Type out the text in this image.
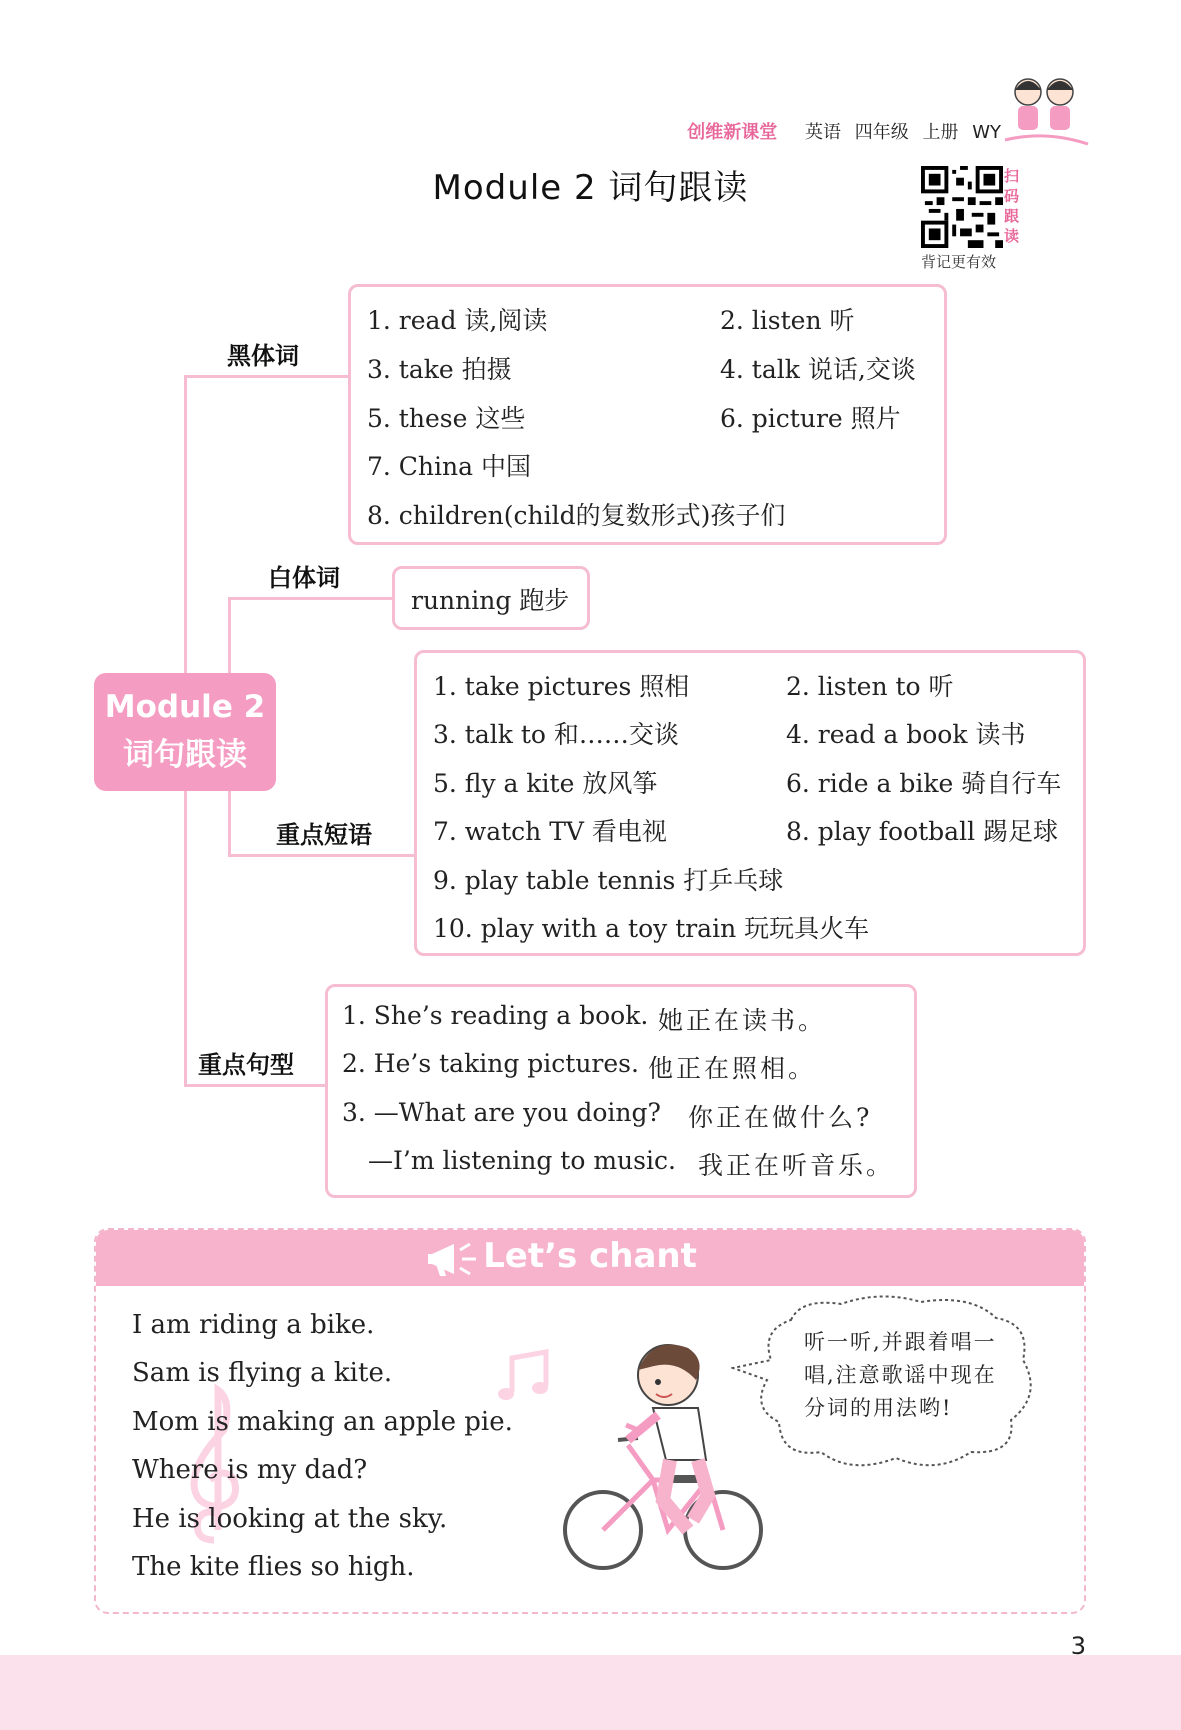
创维新课堂 英语 四年级 上册 WY
Module 2 词句跟读	扫码跟读
背记更有效
Module 2
词句跟读
黑体词
1. read 读,阅读	2. listen 听
3. take 拍摄	4. talk 说话,交谈
5. these 这些	6. picture 照片
7. China 中国
8. children(child的复数形式)孩子们
白体词
running 跑步
重点短语
1. take pictures 照相	2. listen to 听
3. talk to 和……交谈	4. read a book 读书
5. fly a kite 放风筝	6. ride a bike 骑自行车
7. watch TV 看电视	8. play football 踢足球
9. play table tennis 打乒乓球
10. play with a toy train 玩玩具火车
重点句型
1. She’s reading a book. 她正在读书。
2. He’s taking pictures. 他正在照相。
3. —What are you doing? 你正在做什么?
—I’m listening to music. 我正在听音乐。
Let’s chant
I am riding a bike.
Sam is flying a kite.
Mom is making an apple pie.
Where is my dad?
He is looking at the sky.
The kite flies so high.
听一听,并跟着唱一
唱,注意歌谣中现在
分词的用法哟!
3
